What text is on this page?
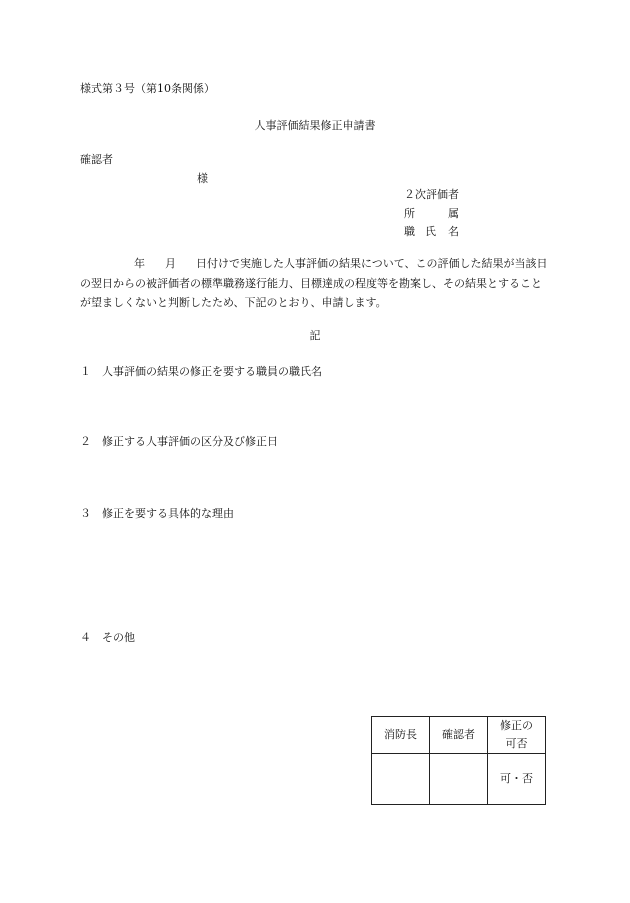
様式第３号（第10条関係）
人事評価結果修正申請書
確認者
様
２次評価者
所	属
職 氏 名
年 月 日付けで実施した人事評価の結果について、この評価した結果が当該日の翌日からの被評価者の標準職務遂行能力、目標達成の程度等を勘案し、その結果とすることが望ましくないと判断したため、下記のとおり、申請します。
記
１ 人事評価の結果の修正を要する職員の職氏名
２ 修正する人事評価の区分及び修正日
３ 修正を要する具体的な理由
４ その他
消防長	確認者	修正の
可否
		可・否
